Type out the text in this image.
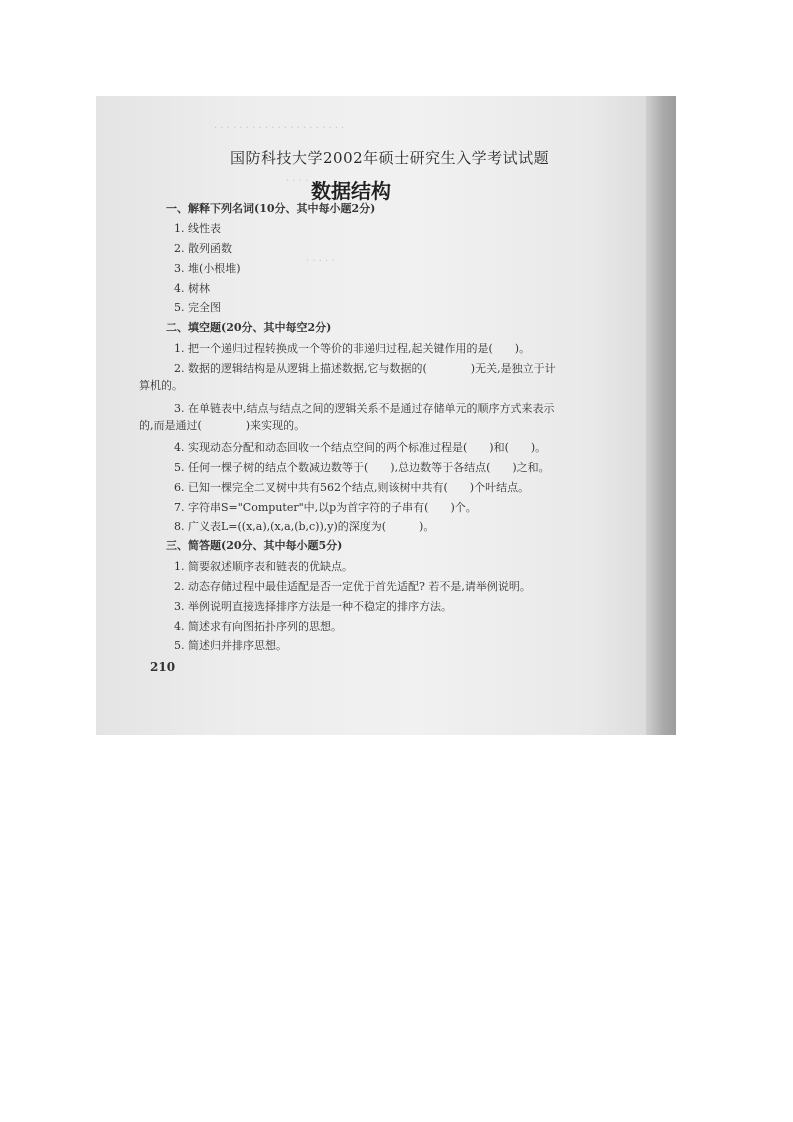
· · · · · · · · · · · · · · · · · · · · ·
· · · ·
· · · · ·
国防科技大学2002年硕士研究生入学考试试题
数据结构
一、解释下列名词(10分、其中每小题2分)
1. 线性表
2. 散列函数
3. 堆(小根堆)
4. 树林
5. 完全图
二、填空题(20分、其中每空2分)
1. 把一个递归过程转换成一个等价的非递归过程,起关键作用的是(　　)。
2. 数据的逻辑结构是从逻辑上描述数据,它与数据的(　　　　)无关,是独立于计
算机的。
3. 在单链表中,结点与结点之间的逻辑关系不是通过存储单元的顺序方式来表示
的,而是通过(　　　　)来实现的。
4. 实现动态分配和动态回收一个结点空间的两个标准过程是(　　)和(　　)。
5. 任何一棵子树的结点个数减边数等于(　　),总边数等于各结点(　　)之和。
6. 已知一棵完全二叉树中共有562个结点,则该树中共有(　　)个叶结点。
7. 字符串S="Computer"中,以p为首字符的子串有(　　)个。
8. 广义表L=((x,a),(x,a,(b,c)),y)的深度为(　　　)。
三、简答题(20分、其中每小题5分)
1. 简要叙述顺序表和链表的优缺点。
2. 动态存储过程中最佳适配是否一定优于首先适配? 若不是,请举例说明。
3. 举例说明直接选择排序方法是一种不稳定的排序方法。
4. 简述求有向图拓扑序列的思想。
5. 简述归并排序思想。
210
